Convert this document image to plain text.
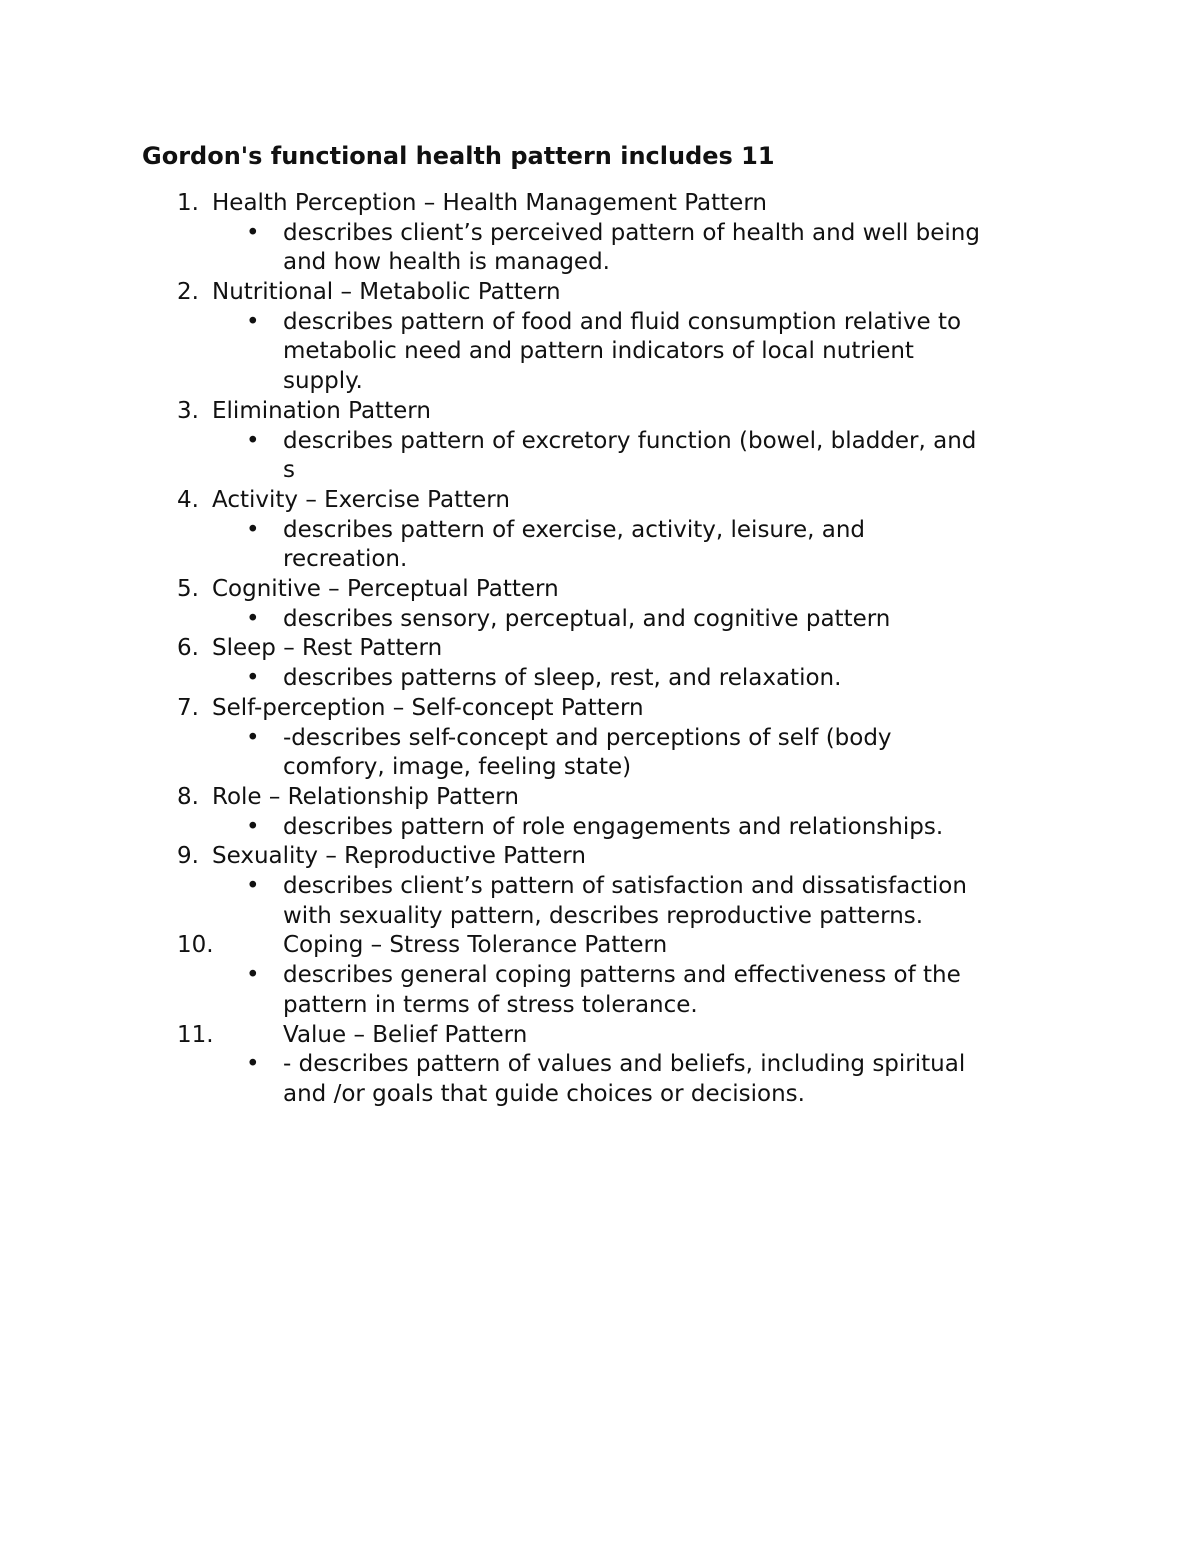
Gordon's functional health pattern includes 11
1. Health Perception – Health Management Pattern
• describes client’s perceived pattern of health and well being
and how health is managed.
2. Nutritional – Metabolic Pattern
• describes pattern of food and fluid consumption relative to
metabolic need and pattern indicators of local nutrient
supply.
3. Elimination Pattern
• describes pattern of excretory function (bowel, bladder, and
s
4. Activity – Exercise Pattern
• describes pattern of exercise, activity, leisure, and
recreation.
5. Cognitive – Perceptual Pattern
• describes sensory, perceptual, and cognitive pattern
6. Sleep – Rest Pattern
• describes patterns of sleep, rest, and relaxation.
7. Self-perception – Self-concept Pattern
• -describes self-concept and perceptions of self (body
comfory, image, feeling state)
8. Role – Relationship Pattern
• describes pattern of role engagements and relationships.
9. Sexuality – Reproductive Pattern
• describes client’s pattern of satisfaction and dissatisfaction
with sexuality pattern, describes reproductive patterns.
10.	Coping – Stress Tolerance Pattern
• describes general coping patterns and effectiveness of the
pattern in terms of stress tolerance.
11.	Value – Belief Pattern
• - describes pattern of values and beliefs, including spiritual
and /or goals that guide choices or decisions.
